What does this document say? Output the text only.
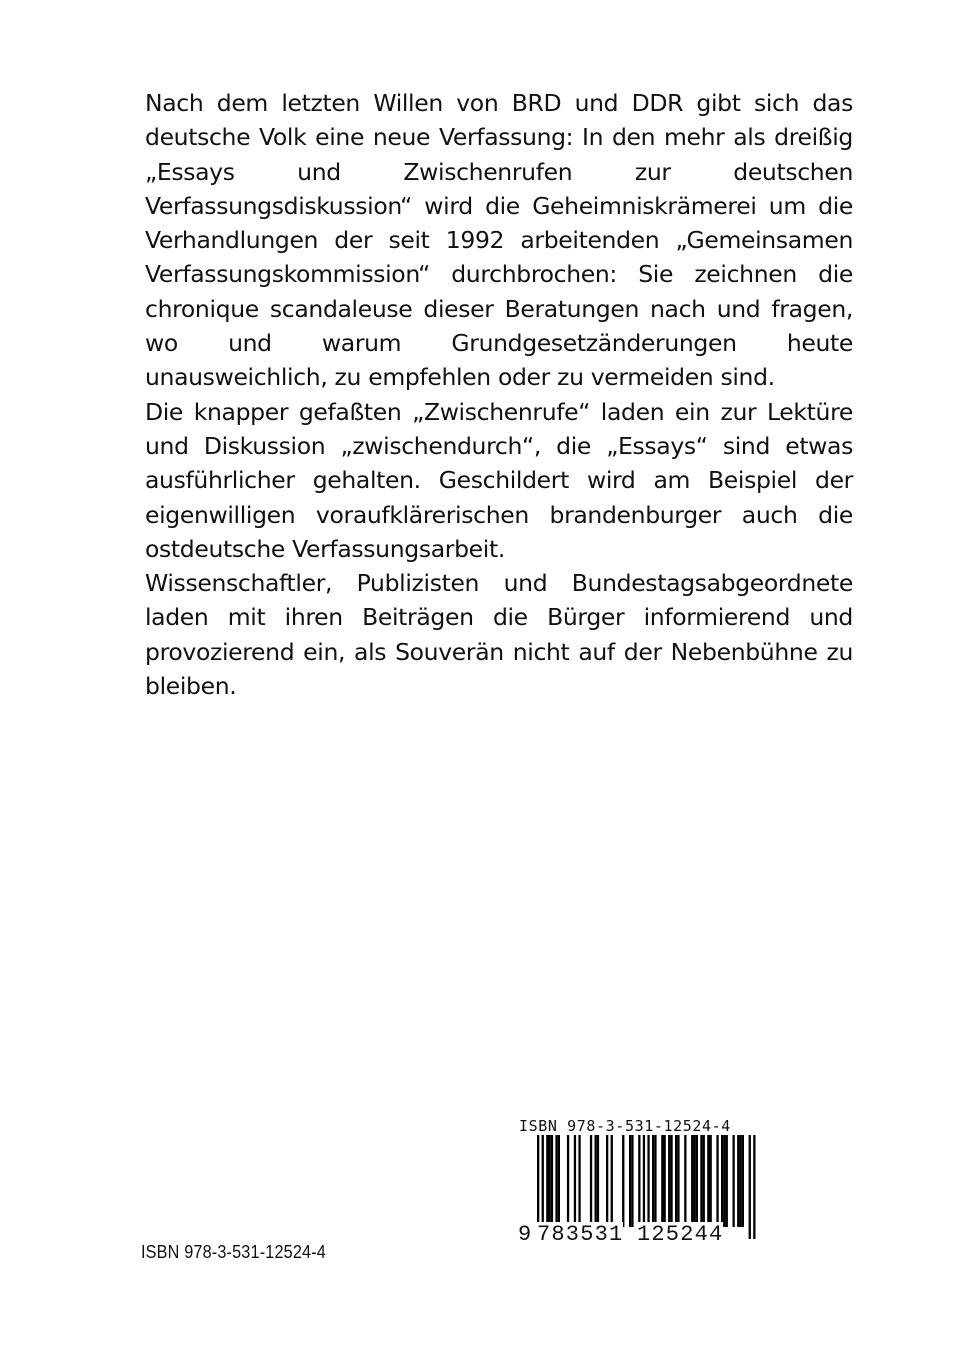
Nach dem letzten Willen von BRD und DDR gibt sich das deutsche Volk eine neue Verfassung: In den mehr als dreißig „Essays und Zwischenrufen zur deutschen Verfassungsdiskussion“ wird die Geheimniskrämerei um die Verhandlungen der seit 1992 arbeitenden „Gemeinsamen Verfassungskommission“ durchbrochen: Sie zeichnen die chronique scandaleuse dieser Beratungen nach und fragen, wo und warum Grundgesetzänderungen heute unausweichlich, zu empfehlen oder zu vermeiden sind.

Die knapper gefaßten „Zwischenrufe“ laden ein zur Lektüre und Diskussion „zwischendurch“, die „Essays“ sind etwas ausführlicher gehalten. Geschildert wird am Beispiel der eigenwilligen voraufklärerischen brandenburger auch die ostdeutsche Verfassungsarbeit.

Wissenschaftler, Publizisten und Bundestagsabgeordnete laden mit ihren Beiträgen die Bürger informierend und provozierend ein, als Souverän nicht auf der Nebenbühne zu bleiben.

ISBN 978-3-531-12524-4
9 783531 125244
ISBN 978-3-531-12524-4
